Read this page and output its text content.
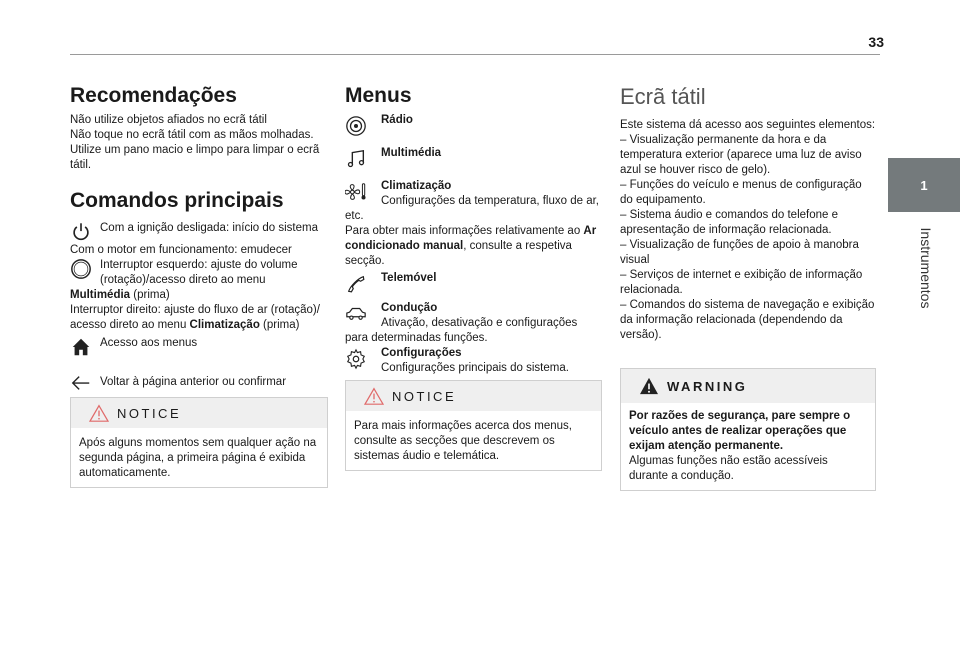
33
1
Instrumentos
Recomendações
Não utilize objetos afiados no ecrã tátil
Não toque no ecrã tátil com as mãos molhadas.
Utilize um pano macio e limpo para limpar o ecrã tátil.
Comandos principais
Com a ignição desligada: início do sistema
Com o motor em funcionamento: emudecer
Interruptor esquerdo: ajuste do volume (rotação)/acesso direto ao menu
Multimédia (prima)
Interruptor direito: ajuste do fluxo de ar (rotação)/ acesso direto ao menu Climatização (prima)
Acesso aos menus
Voltar à página anterior ou confirmar
NOTICE
Após alguns momentos sem qualquer ação na segunda página, a primeira página é exibida automaticamente.
Menus
Rádio
Multimédia
Climatização
Configurações da temperatura, fluxo de ar, etc.
Para obter mais informações relativamente ao Ar condicionado manual, consulte a respetiva secção.
Telemóvel
Condução
Ativação, desativação e configurações para determinadas funções.
Configurações
Configurações principais do sistema.
NOTICE
Para mais informações acerca dos menus, consulte as secções que descrevem os sistemas áudio e telemática.
Ecrã tátil
Este sistema dá acesso aos seguintes elementos:
– Visualização permanente da hora e da temperatura exterior (aparece uma luz de aviso azul se houver risco de gelo).
– Funções do veículo e menus de configuração do equipamento.
– Sistema áudio e comandos do telefone e apresentação de informação relacionada.
– Visualização de funções de apoio à manobra visual
– Serviços de internet e exibição de informação relacionada.
– Comandos do sistema de navegação e exibição da informação relacionada (dependendo da versão).
WARNING
Por razões de segurança, pare sempre o veículo antes de realizar operações que exijam atenção permanente.
Algumas funções não estão acessíveis durante a condução.
